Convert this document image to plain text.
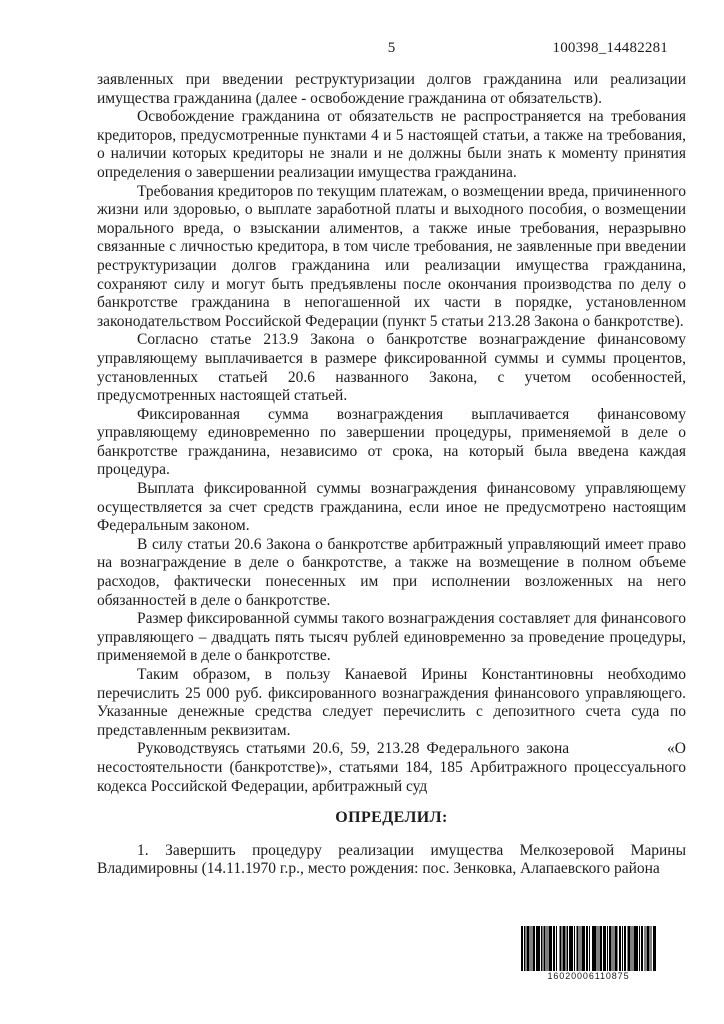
5	100398_14482281

заявленных при введении реструктуризации долгов гражданина или реализации имущества гражданина (далее - освобождение гражданина от обязательств).

Освобождение гражданина от обязательств не распространяется на требования кредиторов, предусмотренные пунктами 4 и 5 настоящей статьи, а также на требования, о наличии которых кредиторы не знали и не должны были знать к моменту принятия определения о завершении реализации имущества гражданина.

Требования кредиторов по текущим платежам, о возмещении вреда, причиненного жизни или здоровью, о выплате заработной платы и выходного пособия, о возмещении морального вреда, о взыскании алиментов, а также иные требования, неразрывно связанные с личностью кредитора, в том числе требования, не заявленные при введении реструктуризации долгов гражданина или реализации имущества гражданина, сохраняют силу и могут быть предъявлены после окончания производства по делу о банкротстве гражданина в непогашенной их части в порядке, установленном законодательством Российской Федерации (пункт 5 статьи 213.28 Закона о банкротстве).

Согласно статье 213.9 Закона о банкротстве вознаграждение финансовому управляющему выплачивается в размере фиксированной суммы и суммы процентов, установленных статьей 20.6 названного Закона, с учетом особенностей, предусмотренных настоящей статьей.

Фиксированная сумма вознаграждения выплачивается финансовому управляющему единовременно по завершении процедуры, применяемой в деле о банкротстве гражданина, независимо от срока, на который была введена каждая процедура.

Выплата фиксированной суммы вознаграждения финансовому управляющему осуществляется за счет средств гражданина, если иное не предусмотрено настоящим Федеральным законом.

В силу статьи 20.6 Закона о банкротстве арбитражный управляющий имеет право на вознаграждение в деле о банкротстве, а также на возмещение в полном объеме расходов, фактически понесенных им при исполнении возложенных на него обязанностей в деле о банкротстве.

Размер фиксированной суммы такого вознаграждения составляет для финансового управляющего – двадцать пять тысяч рублей единовременно за проведение процедуры, применяемой в деле о банкротстве.

Таким образом, в пользу Канаевой Ирины Константиновны необходимо перечислить 25 000 руб. фиксированного вознаграждения финансового управляющего. Указанные денежные средства следует перечислить с депозитного счета суда по представленным реквизитам.

Руководствуясь статьями 20.6, 59, 213.28 Федерального закона              «О несостоятельности (банкротстве)», статьями 184, 185 Арбитражного процессуального кодекса Российской Федерации, арбитражный суд

ОПРЕДЕЛИЛ:

1. Завершить процедуру реализации имущества Мелкозеровой Марины Владимировны (14.11.1970 г.р., место рождения: пос. Зенковка, Алапаевского района

16020006110875
